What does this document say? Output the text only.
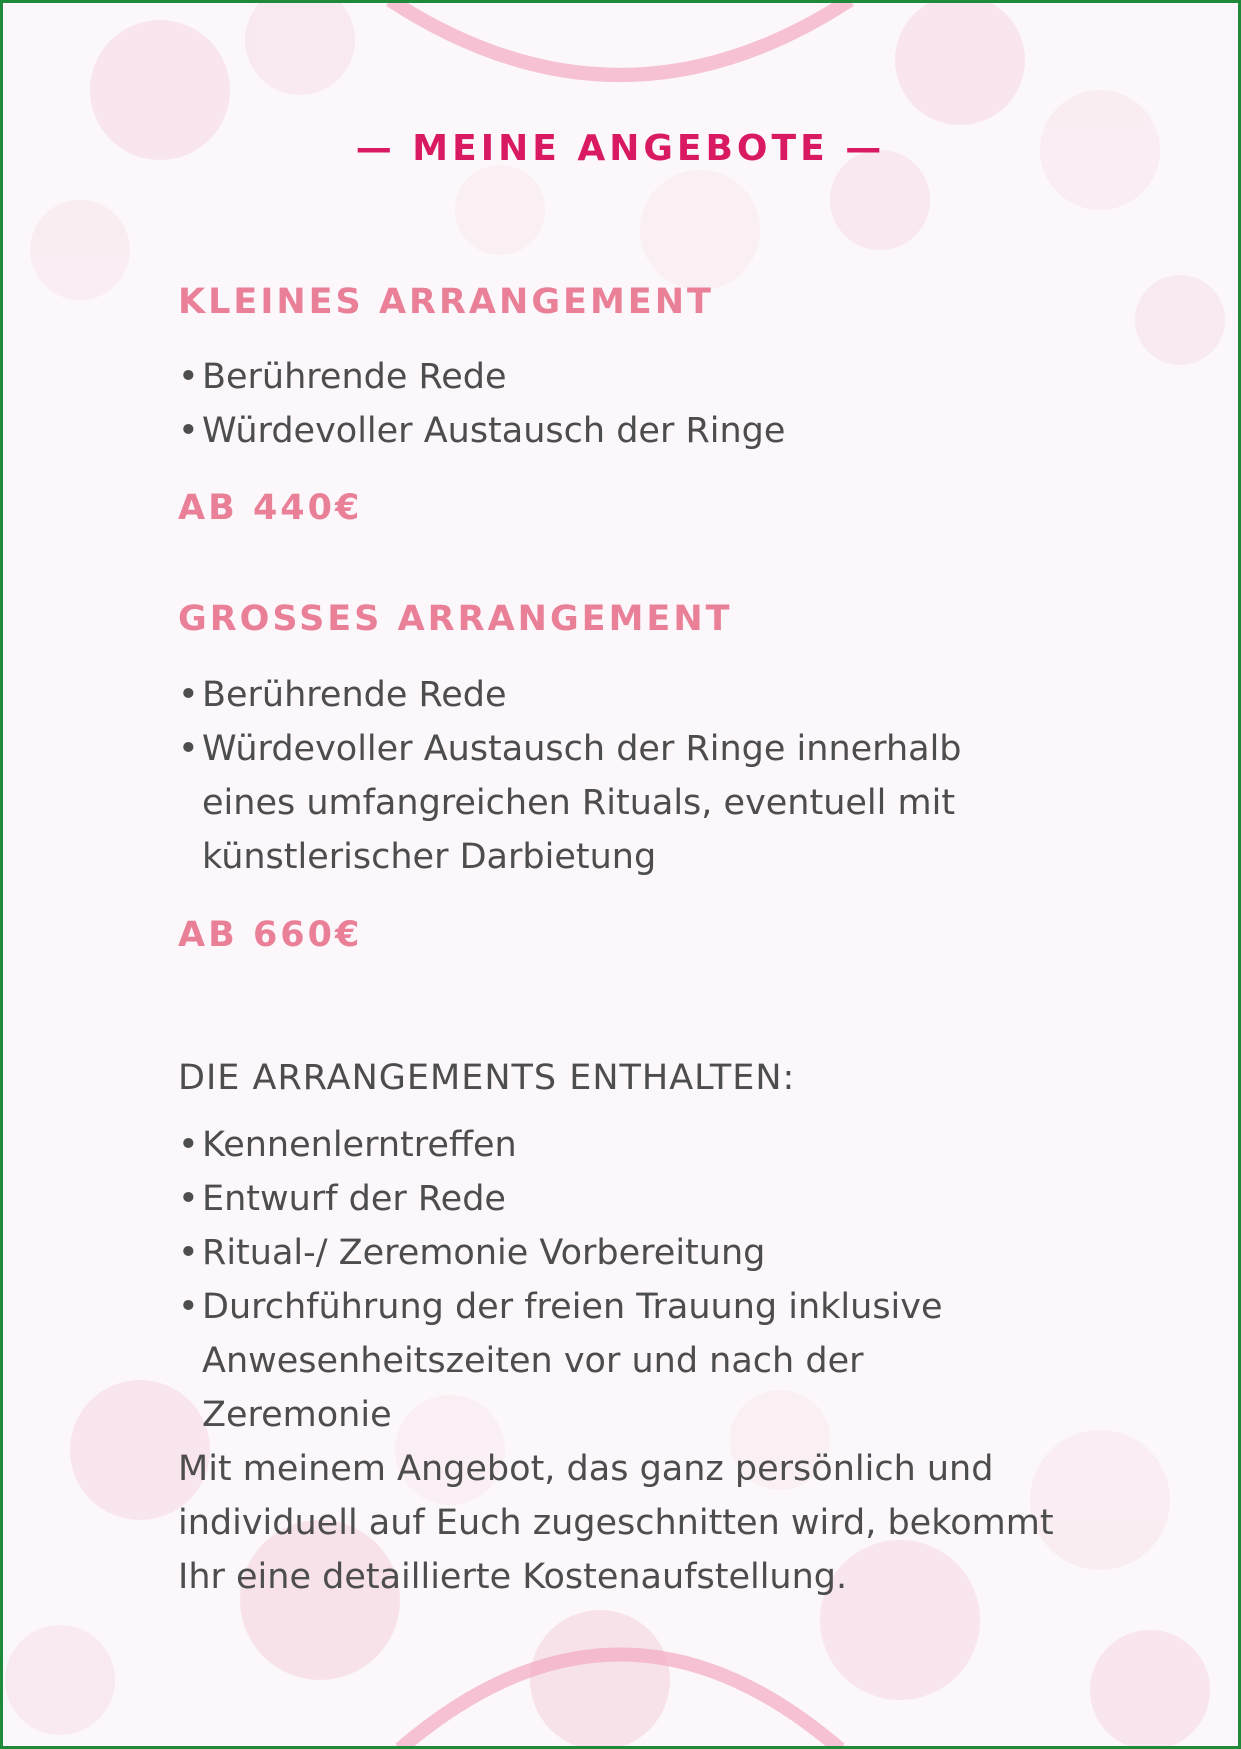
— MEINE ANGEBOTE —
KLEINES ARRANGEMENT
• Berührende Rede
• Würdevoller Austausch der Ringe
AB 440€
GROSSES ARRANGEMENT
• Berührende Rede
• Würdevoller Austausch der Ringe innerhalb eines umfangreichen Rituals, eventuell mit künstlerischer Darbietung
AB 660€
DIE ARRANGEMENTS ENTHALTEN:
• Kennenlerntreffen
• Entwurf der Rede
• Ritual-/ Zeremonie Vorbereitung
• Durchführung der freien Trauung inklusive Anwesenheitszeiten vor und nach der Zeremonie
Mit meinem Angebot, das ganz persönlich und individuell auf Euch zugeschnitten wird, bekommt Ihr eine detaillierte Kostenaufstellung.
